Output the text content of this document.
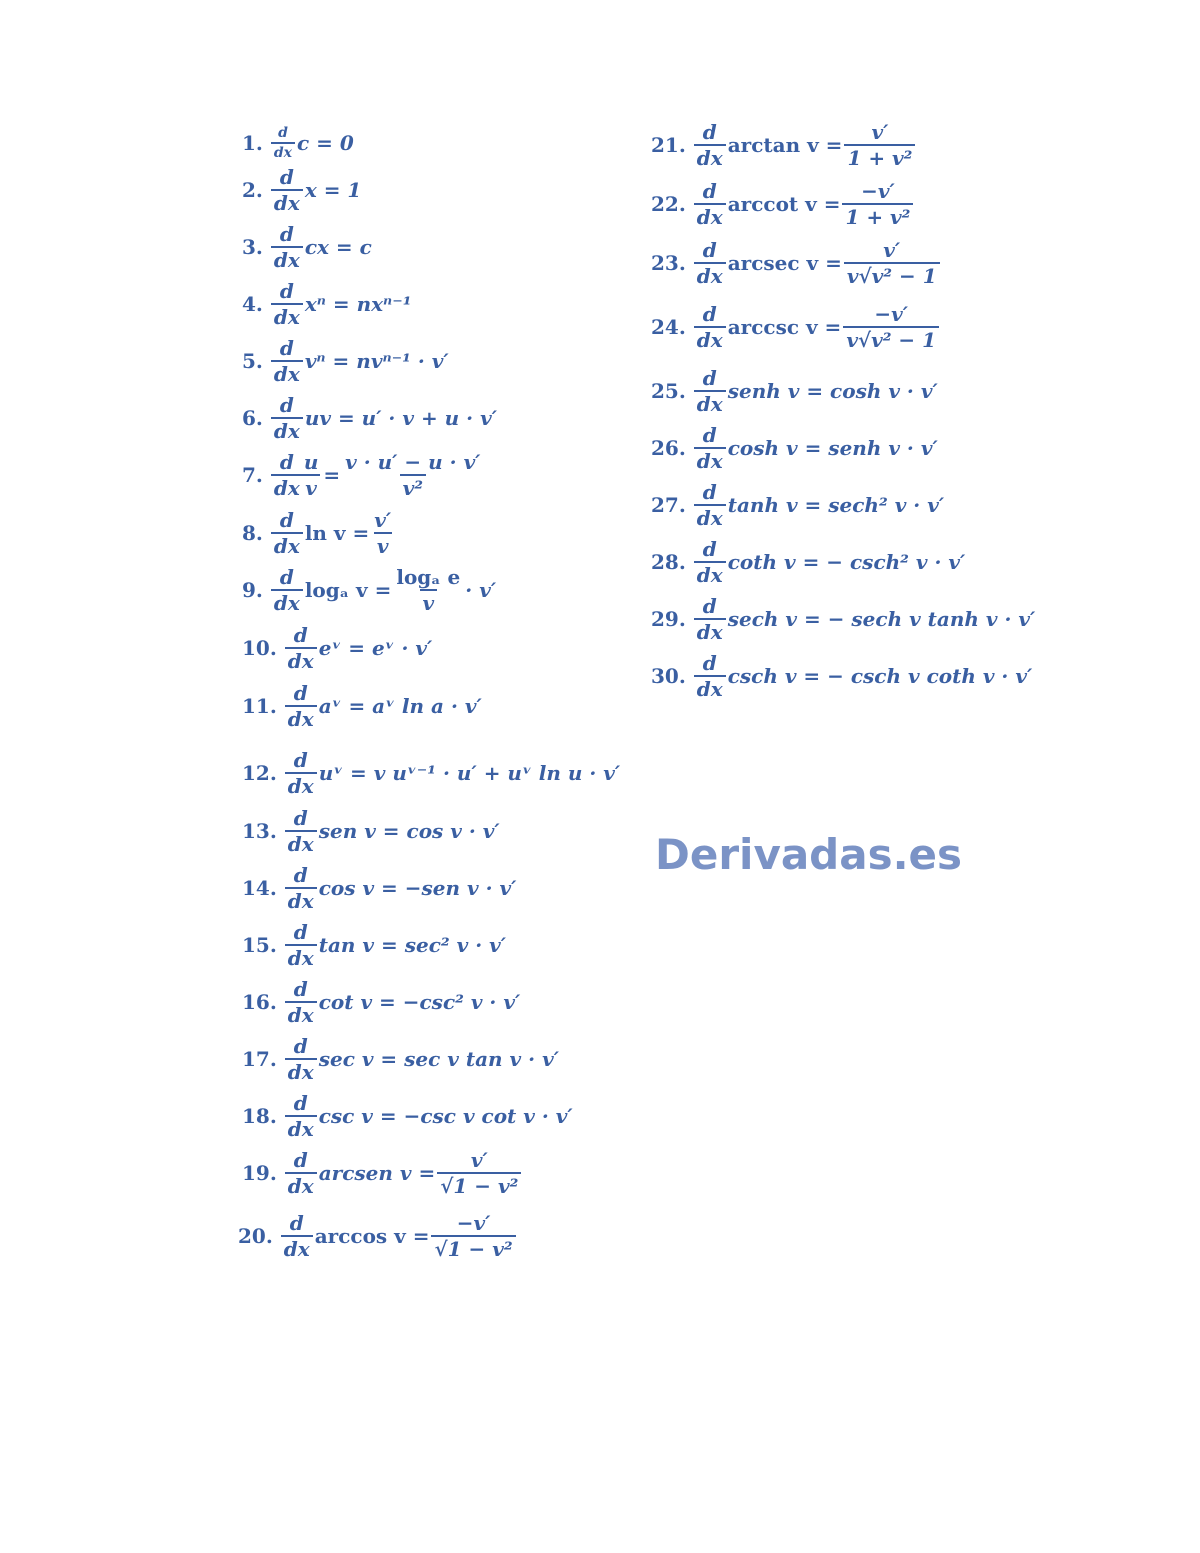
1. $\frac{d}{dx}$ c = 0
2. $\frac{d}{dx}$ x = 1
3. $\frac{d}{dx}$ cx = c
4. $\frac{d}{dx}$ xⁿ = nxⁿ⁻¹
5. $\frac{d}{dx}$ vⁿ = nvⁿ⁻¹ · v′
6. $\frac{d}{dx}$ uv = u′ · v + u · v′
7. $\frac{d}{dx}$
$\frac{u}{v} = \frac{v \cdot u' - u \cdot v'}{\text{v²}}$
8. $\frac{d}{dx}$ $\ln v = \frac{v'}{v}$
9. $\frac{d}{dx}$ logₐ $v = \frac{\text{logₐ e}}{v} \cdot v'$
10. $\frac{d}{dx}$ eᵛ = eᵛ · v′
11. $\frac{d}{dx}$ aᵛ = aᵛ ln a · v′
12. $\frac{d}{dx}$ uᵛ = v uᵛ⁻¹ · u′ + uᵛ ln u · v′
13. $\frac{d}{dx}$ sen v = cos v · v′
14. $\frac{d}{dx}$ cos v = −sen v · v′
15. $\frac{d}{dx}$ tan v = sec² v · v′
16. $\frac{d}{dx}$ cot v = −csc² v · v′
17. $\frac{d}{dx}$ sec v = sec v tan v · v′
18. $\frac{d}{dx}$ csc v = −csc v cot v · v′
19. $\frac{d}{dx}$ arcsen $v = \frac{v'}{\text{√1 − v²}}$
20. $\frac{d}{dx}$ $\arccos v = \frac{-v'}{\text{√1 − v²}}$
21. $\frac{d}{dx}$ $\arctan v = \frac{v'}{\text{1 + v²}}$
22. $\frac{d}{dx}$ arccot $v = \frac{-v'}{\text{1 + v²}}$
23. $\frac{d}{dx}$ arcsec $v = \frac{v'}{\text{v√v² − 1}}$
24. $\frac{d}{dx}$ arccsc $v = \frac{-v'}{\text{v√v² − 1}}$
25. $\frac{d}{dx}$ senh v = cosh v · v′
26. $\frac{d}{dx}$ cosh v = senh v · v′
27. $\frac{d}{dx}$ tanh v = sech² v · v′
28. $\frac{d}{dx}$ coth v = − csch² v · v′
29. $\frac{d}{dx}$ sech v = − sech v tanh v · v′
30. $\frac{d}{dx}$ csch v = − csch v coth v · v′
Derivadas.es
